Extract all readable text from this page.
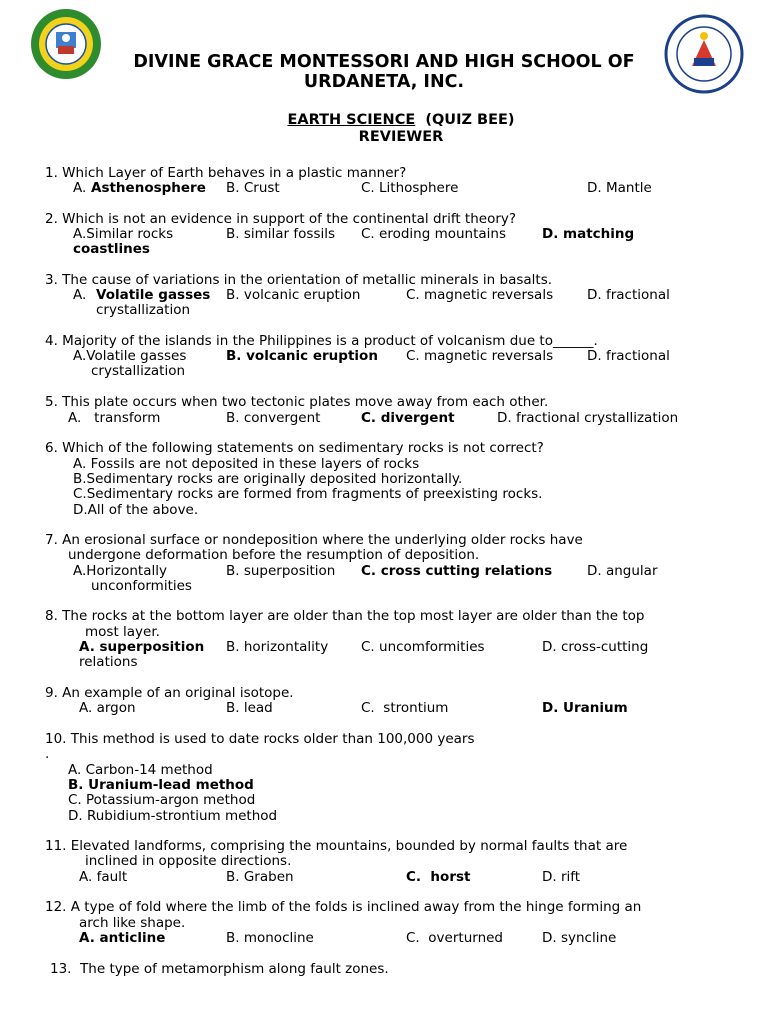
DIVINE GRACE MONTESSORI AND HIGH SCHOOL OF
URDANETA, INC.
EARTH SCIENCE (QUIZ BEE)
REVIEWER
1. Which Layer of Earth behaves in a plastic manner?
A. Asthenosphere B. Crust	C. Lithosphere	D. Mantle
2. Which is not an evidence in support of the continental drift theory?
A.Similar rocks	B. similar fossils C. eroding mountains	D. matching
coastlines
3. The cause of variations in the orientation of metallic minerals in basalts.
A. Volatile gasses B. volcanic eruption	C. magnetic reversals	D. fractional
crystallization
4. Majority of the islands in the Philippines is a product of volcanism due to______.
A.Volatile gasses	B. volcanic eruption C. magnetic reversals	D. fractional
crystallization
5. This plate occurs when two tectonic plates move away from each other.
A.   transform	B. convergent	C. divergent	D. fractional crystallization
6. Which of the following statements on sedimentary rocks is not correct?
A. Fossils are not deposited in these layers of rocks
B.Sedimentary rocks are originally deposited horizontally.
C.Sedimentary rocks are formed from fragments of preexisting rocks.
D.All of the above.
7. An erosional surface or nondeposition where the underlying older rocks have
undergone deformation before the resumption of deposition.
A.Horizontally	B. superposition C. cross cutting relations	D. angular
unconformities
8. The rocks at the bottom layer are older than the top most layer are older than the top
most layer.
A. superposition B. horizontality C. uncomformities	D. cross-cutting
relations
9. An example of an original isotope.
A. argon	B. lead	C.  strontium	D. Uranium
10. This method is used to date rocks older than 100,000 years
.
A. Carbon-14 method
B. Uranium-lead method
C. Potassium-argon method
D. Rubidium-strontium method
11. Elevated landforms, comprising the mountains, bounded by normal faults that are
inclined in opposite directions.
A. fault	B. Graben	C.  horst	D. rift
12. A type of fold where the limb of the folds is inclined away from the hinge forming an
arch like shape.
A. anticline	B. monocline	C.  overturned	D. syncline
13.  The type of metamorphism along fault zones.
